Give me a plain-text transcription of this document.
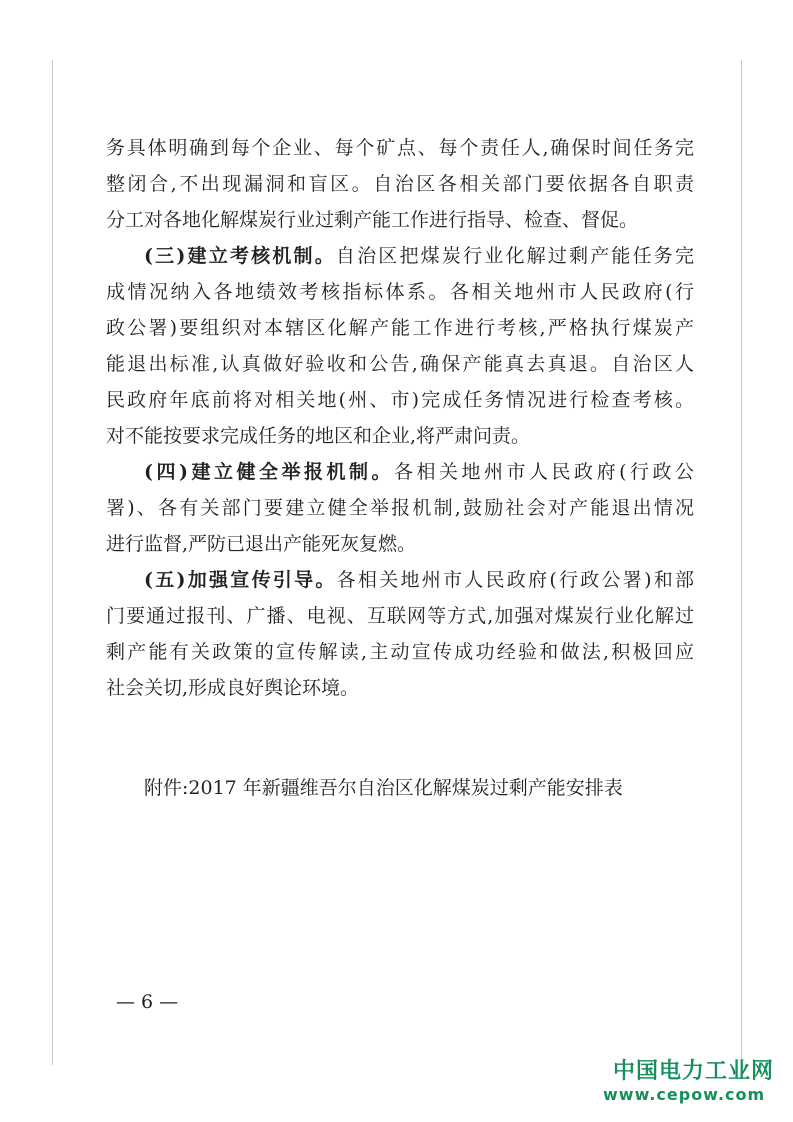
务具体明确到每个企业、每个矿点、每个责任人,确保时间任务完
整闭合,不出现漏洞和盲区。自治区各相关部门要依据各自职责
分工对各地化解煤炭行业过剩产能工作进行指导、检查、督促。
(三)建立考核机制。自治区把煤炭行业化解过剩产能任务完
成情况纳入各地绩效考核指标体系。各相关地州市人民政府(行
政公署)要组织对本辖区化解产能工作进行考核,严格执行煤炭产
能退出标准,认真做好验收和公告,确保产能真去真退。自治区人
民政府年底前将对相关地(州、市)完成任务情况进行检查考核。
对不能按要求完成任务的地区和企业,将严肃问责。
(四)建立健全举报机制。各相关地州市人民政府(行政公
署)、各有关部门要建立健全举报机制,鼓励社会对产能退出情况
进行监督,严防已退出产能死灰复燃。
(五)加强宣传引导。各相关地州市人民政府(行政公署)和部
门要通过报刊、广播、电视、互联网等方式,加强对煤炭行业化解过
剩产能有关政策的宣传解读,主动宣传成功经验和做法,积极回应
社会关切,形成良好舆论环境。
附件:2017 年新疆维吾尔自治区化解煤炭过剩产能安排表
— 6 —
中国电力工业网
www.cepow.com
